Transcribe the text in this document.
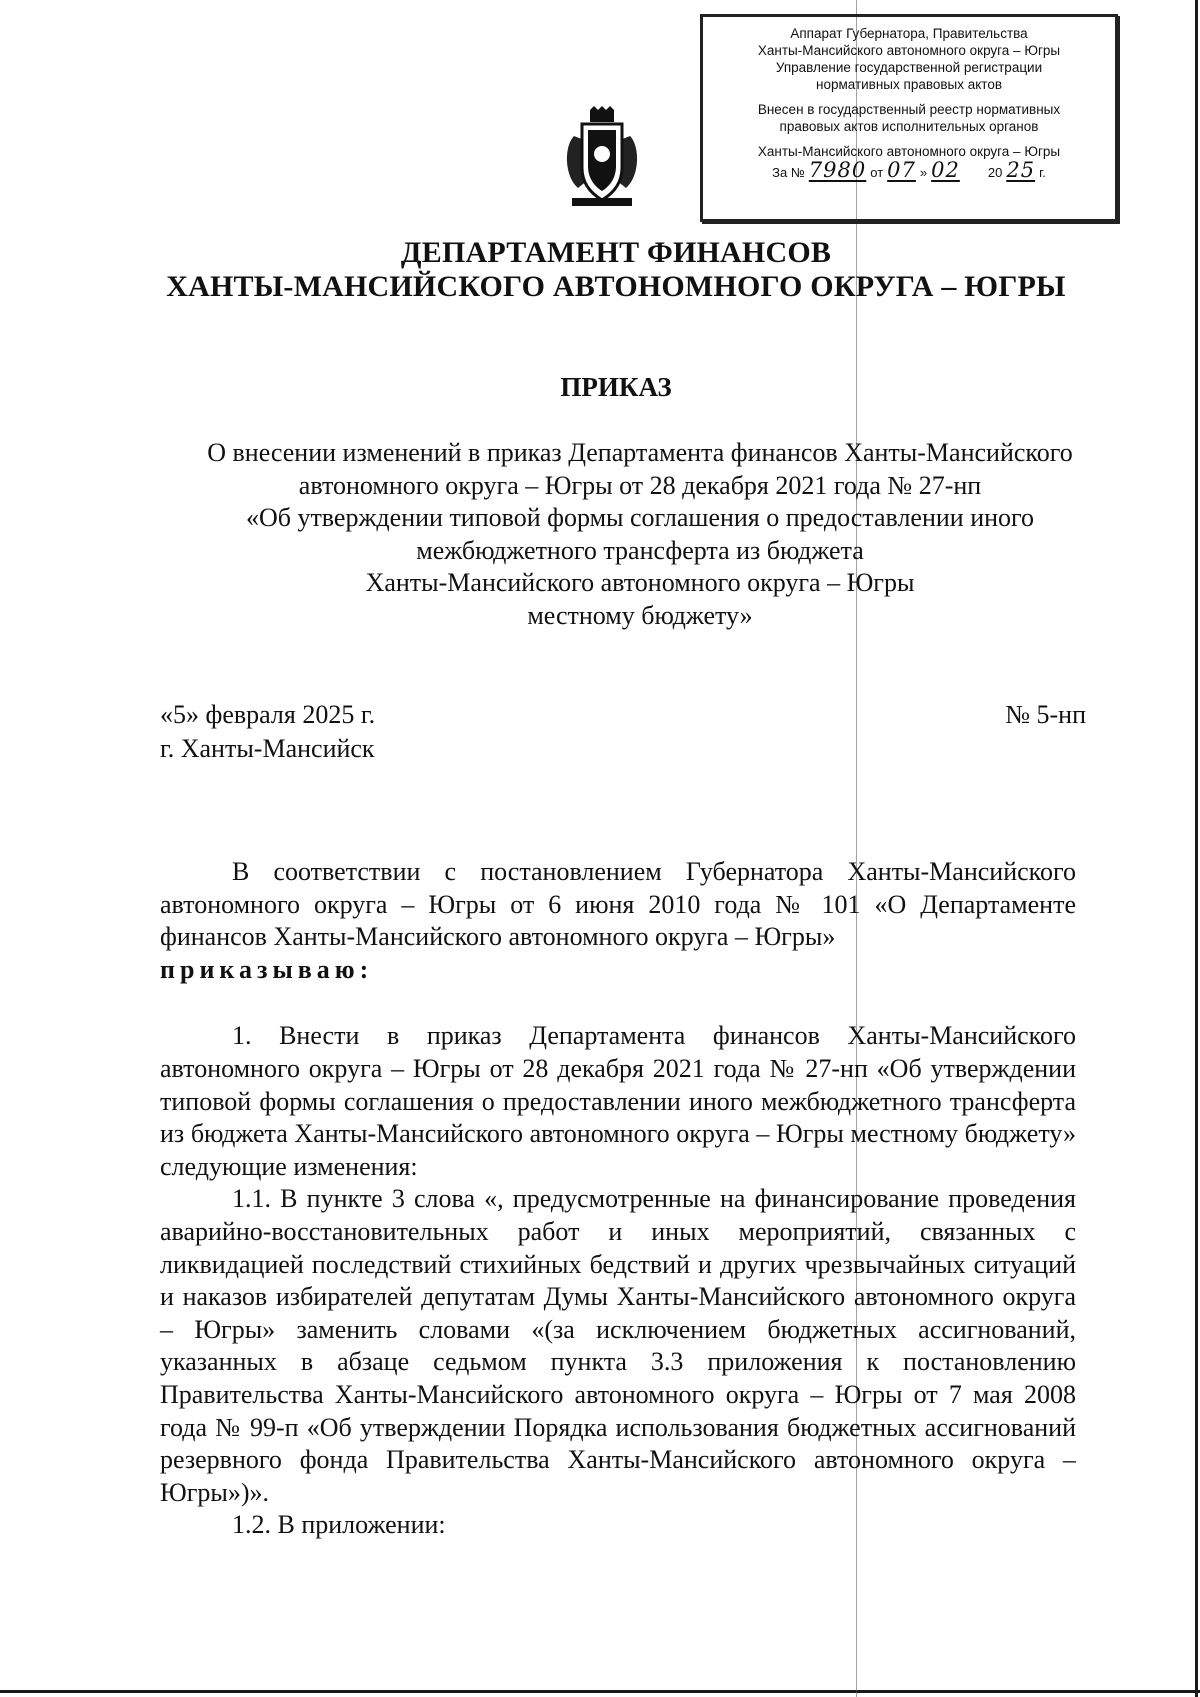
Аппарат Губернатора, Правительства
Ханты-Мансийского автономного округа – Югры
Управление государственной регистрации
нормативных правовых актов
Внесен в государственный реестр нормативных
правовых актов исполнительных органов
Ханты-Мансийского автономного округа – Югры
За № 7980 от 07 » 02 20 25 г.
ДЕПАРТАМЕНТ ФИНАНСОВ
ХАНТЫ-МАНСИЙСКОГО АВТОНОМНОГО ОКРУГА – ЮГРЫ
ПРИКАЗ
О внесении изменений в приказ Департамента финансов Ханты-Мансийского
автономного округа – Югры от 28 декабря 2021 года № 27-нп
«Об утверждении типовой формы соглашения о предоставлении иного
межбюджетного трансферта из бюджета
Ханты-Мансийского автономного округа – Югры
местному бюджету»
«5» февраля 2025 г.
г. Ханты-Мансийск
№ 5-нп

В соответствии с постановлением Губернатора Ханты-Мансийского автономного округа – Югры от 6 июня 2010 года № 101 «О Департаменте финансов Ханты-Мансийского автономного округа – Югры»
приказываю:

1. Внести в приказ Департамента финансов Ханты-Мансийского автономного округа – Югры от 28 декабря 2021 года № 27-нп «Об утверждении типовой формы соглашения о предоставлении иного межбюджетного трансферта из бюджета Ханты-Мансийского автономного округа – Югры местному бюджету» следующие изменения:

1.1. В пункте 3 слова «, предусмотренные на финансирование проведения аварийно-восстановительных работ и иных мероприятий, связанных с ликвидацией последствий стихийных бедствий и других чрезвычайных ситуаций и наказов избирателей депутатам Думы Ханты-Мансийского автономного округа – Югры» заменить словами «(за исключением бюджетных ассигнований, указанных в абзаце седьмом пункта 3.3 приложения к постановлению Правительства Ханты-Мансийского автономного округа – Югры от 7 мая 2008 года № 99-п «Об утверждении Порядка использования бюджетных ассигнований резервного фонда Правительства Ханты-Мансийского автономного округа – Югры»)».

1.2. В приложении:
